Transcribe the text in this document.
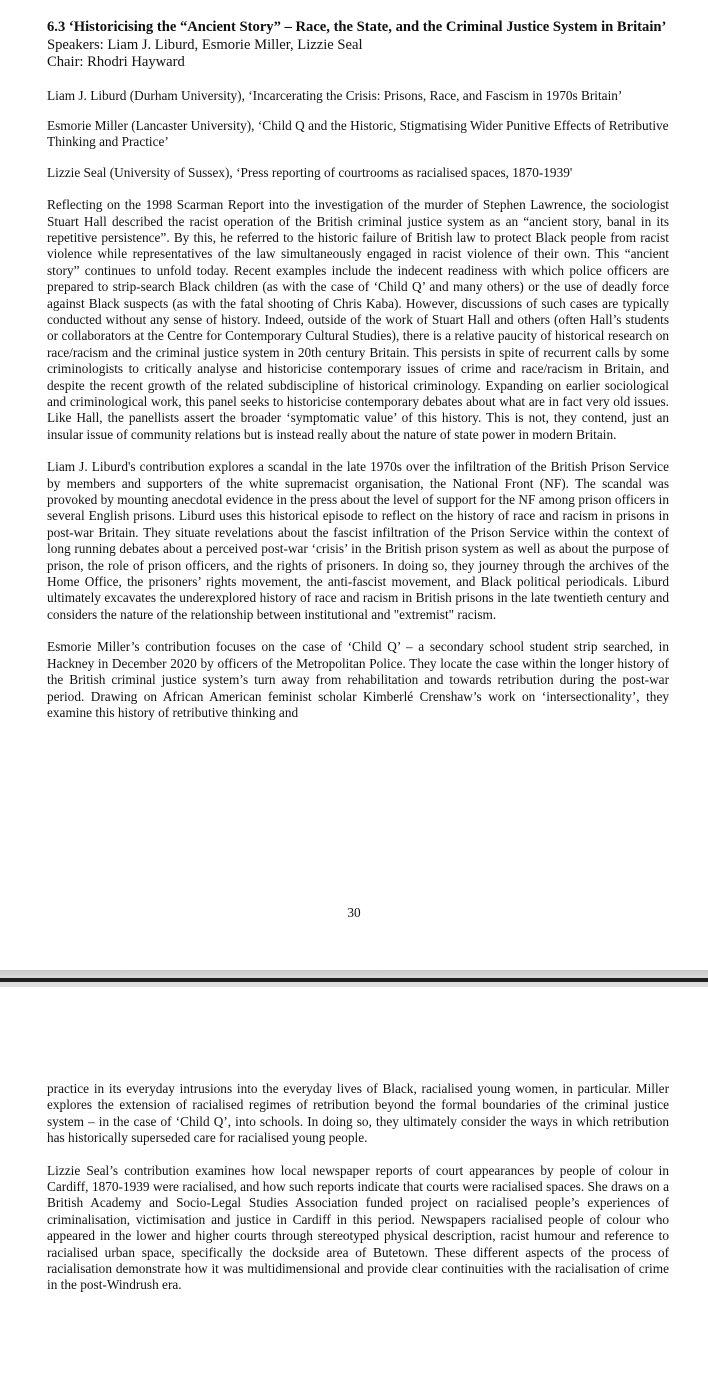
6.3 ‘Historicising the “Ancient Story” – Race, the State, and the Criminal Justice System in Britain’

Speakers: Liam J. Liburd, Esmorie Miller, Lizzie Seal

Chair: Rhodri Hayward

Liam J. Liburd (Durham University), ‘Incarcerating the Crisis: Prisons, Race, and Fascism in 1970s Britain’

Esmorie Miller (Lancaster University), ‘Child Q and the Historic, Stigmatising Wider Punitive Effects of Retributive Thinking and Practice’

Lizzie Seal (University of Sussex), ‘Press reporting of courtrooms as racialised spaces, 1870-1939'

Reflecting on the 1998 Scarman Report into the investigation of the murder of Stephen Lawrence, the sociologist Stuart Hall described the racist operation of the British criminal justice system as an “ancient story, banal in its repetitive persistence”. By this, he referred to the historic failure of British law to protect Black people from racist violence while representatives of the law simultaneously engaged in racist violence of their own. This “ancient story” continues to unfold today. Recent examples include the indecent readiness with which police officers are prepared to strip-search Black children (as with the case of ‘Child Q’ and many others) or the use of deadly force against Black suspects (as with the fatal shooting of Chris Kaba). However, discussions of such cases are typically conducted without any sense of history. Indeed, outside of the work of Stuart Hall and others (often Hall’s students or collaborators at the Centre for Contemporary Cultural Studies), there is a relative paucity of historical research on race/racism and the criminal justice system in 20th century Britain. This persists in spite of recurrent calls by some criminologists to critically analyse and historicise contemporary issues of crime and race/racism in Britain, and despite the recent growth of the related subdiscipline of historical criminology. Expanding on earlier sociological and criminological work, this panel seeks to historicise contemporary debates about what are in fact very old issues. Like Hall, the panellists assert the broader ‘symptomatic value’ of this history. This is not, they contend, just an insular issue of community relations but is instead really about the nature of state power in modern Britain.

Liam J. Liburd's contribution explores a scandal in the late 1970s over the infiltration of the British Prison Service by members and supporters of the white supremacist organisation, the National Front (NF). The scandal was provoked by mounting anecdotal evidence in the press about the level of support for the NF among prison officers in several English prisons. Liburd uses this historical episode to reflect on the history of race and racism in prisons in post-war Britain. They situate revelations about the fascist infiltration of the Prison Service within the context of long running debates about a perceived post-war ‘crisis’ in the British prison system as well as about the purpose of prison, the role of prison officers, and the rights of prisoners. In doing so, they journey through the archives of the Home Office, the prisoners’ rights movement, the anti-fascist movement, and Black political periodicals. Liburd ultimately excavates the underexplored history of race and racism in British prisons in the late twentieth century and considers the nature of the relationship between institutional and "extremist" racism.

Esmorie Miller’s contribution focuses on the case of ‘Child Q’ – a secondary school student strip searched, in Hackney in December 2020 by officers of the Metropolitan Police. They locate the case within the longer history of the British criminal justice system’s turn away from rehabilitation and towards retribution during the post-war period. Drawing on African American feminist scholar Kimberlé Crenshaw’s work on ‘intersectionality’, they examine this history of retributive thinking and

30

practice in its everyday intrusions into the everyday lives of Black, racialised young women, in particular. Miller explores the extension of racialised regimes of retribution beyond the formal boundaries of the criminal justice system – in the case of ‘Child Q’, into schools. In doing so, they ultimately consider the ways in which retribution has historically superseded care for racialised young people.

Lizzie Seal’s contribution examines how local newspaper reports of court appearances by people of colour in Cardiff, 1870-1939 were racialised, and how such reports indicate that courts were racialised spaces. She draws on a British Academy and Socio-Legal Studies Association funded project on racialised people’s experiences of criminalisation, victimisation and justice in Cardiff in this period. Newspapers racialised people of colour who appeared in the lower and higher courts through stereotyped physical description, racist humour and reference to racialised urban space, specifically the dockside area of Butetown. These different aspects of the process of racialisation demonstrate how it was multidimensional and provide clear continuities with the racialisation of crime in the post-Windrush era.
